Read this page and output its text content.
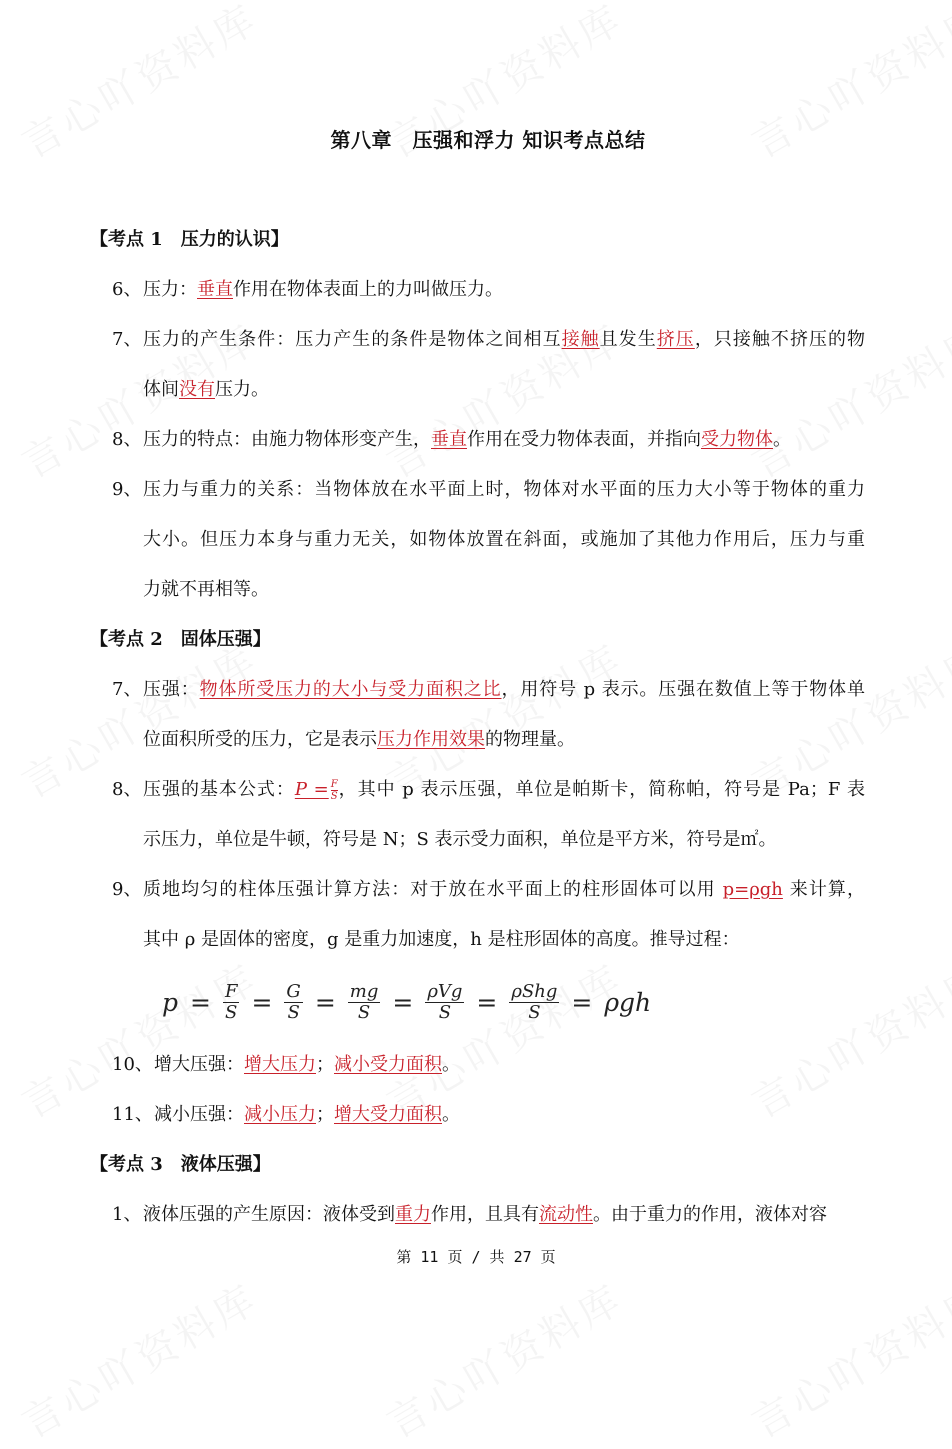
第八章　压强和浮力 知识考点总结
【考点 1　压力的认识】
6、压力：垂直作用在物体表面上的力叫做压力。
7、压力的产生条件：压力产生的条件是物体之间相互接触且发生挤压，只接触不挤压的物
体间没有压力。
8、压力的特点：由施力物体形变产生，垂直作用在受力物体表面，并指向受力物体。
9、压力与重力的关系：当物体放在水平面上时，物体对水平面的压力大小等于物体的重力
大小。但压力本身与重力无关，如物体放置在斜面，或施加了其他力作用后，压力与重
力就不再相等。
【考点 2　固体压强】
7、压强：物体所受压力的大小与受力面积之比，用符号 p 表示。压强在数值上等于物体单
位面积所受的压力，它是表示压力作用效果的物理量。
8、压强的基本公式：$P = \frac{F}{S}$ ，其中 p 表示压强，单位是帕斯卡，简称帕，符号是 Pa；F 表
示压力，单位是牛顿，符号是 N；S 表示受力面积，单位是平方米，符号是㎡。
9、质地均匀的柱体压强计算方法：对于放在水平面上的柱形固体可以用 p=ρgh 来计算，
其中 ρ 是固体的密度，g 是重力加速度，h 是柱形固体的高度。推导过程：
$p = \frac{F}{S} = \frac{G}{S} = \frac{mg}{S} = \rho Vg$
S	= ρShg
S	= ρgh
10、增大压强：增大压力；减小受力面积。
11、减小压强：减小压力；增大受力面积。
【考点 3　液体压强】
1、液体压强的产生原因：液体受到重力作用，且具有流动性。由于重力的作用，液体对容
第 11 页 / 共 27 页
